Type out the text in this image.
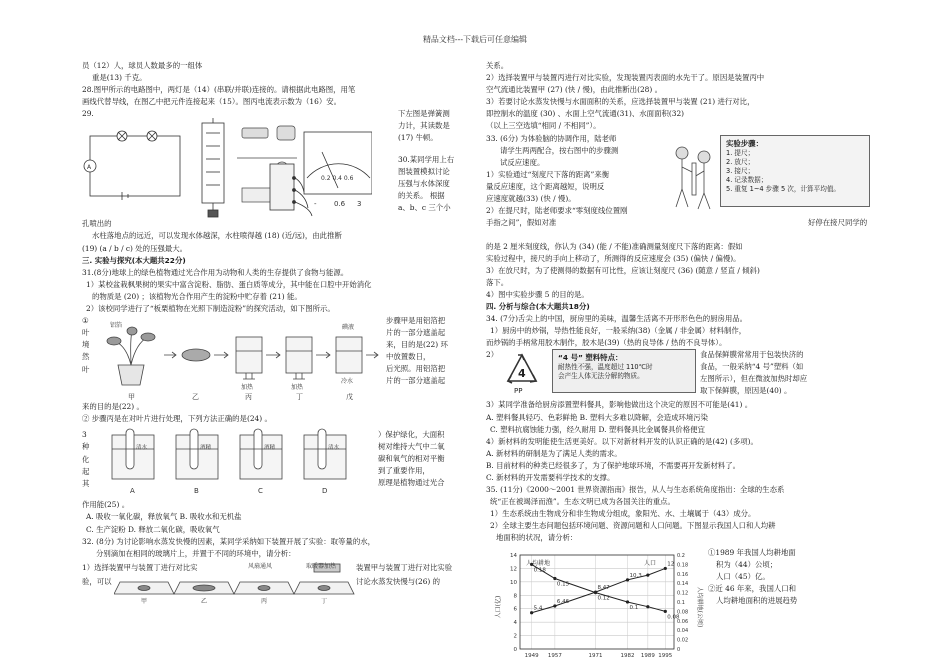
精品文档---下载后可任意编辑
员（12）人，球员人数最多的一组体
重是(13) 千克。
28.图甲所示的电路图中，两灯是（14）(串联/并联)连接的。请根据此电路图，用笔
画线代替导线，在图乙中把元件连接起来（15）。图丙电流表示数为（16）安。
29.
A
0.2 0.4 0.6
- 0.6 3
下左图是弹簧测
力计，其读数是
(17) 牛顿。
30.某同学用上右
图装置模拟讨论
压强与水体深度
的关系。 根据
a、b、c 三个小
孔喷出的
水柱落地点的远近，可以发现水体越深，水柱喷得越 (18) (近/远)，由此推断
(19) (a / b / c) 处的压强最大。
三. 实验与探究(本大题共22分)
31.(8分)地球上的绿色植物通过光合作用为动物和人类的生存提供了食物与能源。
1）某校盆栽枫果树的果实中富含淀粉、脂肪、蛋白质等成分，其中能在口腔中开始消化
的物质是 (20) ；该植物光合作用产生的淀粉中贮存着 (21) 能。
2）该校同学进行了“板栗植物在光照下制造淀粉”的探究活动，如下图所示。
①
叶
境
然
叶
铝箔	碘液
加热	加热
冷水
甲	乙	丙	丁	戊
步骤甲是用铝箔把
片的一部分遮盖起
来，目的是(22) 环
中放置数日，
后光照。用铝箔把
片的一部分遮盖起
来的目的是(22) 。
② 步骤丙是在对叶片进行处理，下列方法正确的是(24) 。
3
种
化
起
其
清水	酒精	酒精	清水
A	B	C	D
）保护绿化，大面积
树对维持大气中二氧
碳和氧气的相对平衡
到了重要作用，
原理是植物通过光合
作用能(25) 。
A. 吸收一氧化碳，释放氧气 B. 吸收水和无机盐
C. 生产淀粉 D. 释放二氧化碳，吸收氧气
32. (8分) 为讨论影响水蒸发快慢的因素，某同学采纳如下装置开展了实验：取等量的水，
分别滴加在相同的玻璃片上，并置于不同的环境中，请分析：
1）选择装置甲与装置丁进行对比实
验，可以
风扇通风	取暖器加热
甲	乙	丙	丁
装置甲与装置丁进行对比实验
讨论水蒸发快慢与(26) 的
关系。
2）选择装置甲与装置丙进行对比实验，发现装置丙表面的水先干了。原因是装置丙中
空气流通比装置甲 (27) (快 / 慢)，由此推断出(28) 。
3）若要讨论水蒸发快慢与水面面积的关系，应选择装置甲与装置 (21) 进行对比，
即控制水的温度 (30) 、水面上空气流通(31)、水面面积(32)
（以上三空选填“相同 / 不相同”）。
33. (6分) 为体验脑的协调作用，陆老师
请学生两两配合，按右图中的步骤测
试反应速度。
1）实验通过“刻度尺下落的距离”来衡
量反应速度，这个距离越短，说明反
应速度就越(33) (快 / 慢)。
2）在提尺时，陆老师要求“零刻度线位置刚
手指之间”，假如对准
实验步骤：
1. 提尺；
2. 放尺；
3. 接尺；
4. 记录数据；
5. 重复 1~4 步骤 5 次，计算平均值。
好停在接尺同学的
的是 2 厘米刻度线，你认为 (34) (能 / 不能)准确测量刻度尺下落的距离：假如
实验过程中，接尺的手向上移动了，所测得的反应速度会 (35) (偏快 / 偏慢)。
3）在放尺时，为了使测得的数据有可比性，应该让刻度尺 (36) (随意 / 竖直 / 倾斜)
落下。
4）图中实验步骤 5 的目的是。
四. 分析与综合(本大题共18分)
34. (7分)舌尖上的中国，厨房里的美味，温馨生活离不开形形色色的厨房用品。
1）厨房中的炒锅，导热性能良好，一般采纳(38)（金属 / 非金属）材料制作，
而炒锅的手柄常用胶木制作，胶木是(39)（热的良导体 / 热的不良导体）。
2）
4
PP
“4 号” 塑料特点：
耐热性不强，温度超过 110℃时
会产生人体无法分解的物质。
食品保鲜膜常常用于包装快济的
食品，一般采纳“4 号”塑料（如
左图所示），但在微波加热时却应
取下保鲜膜，原因是(40) 。
3）某同学准备给厨房添置塑料餐具，影响他做出这个决定的原因不可能是(41) 。
A. 塑料餐具轻巧、色彩鲜艳 B. 塑料大多难以降解，会造成环境污染
C. 塑料抗腐蚀能力强，经久耐用 D. 塑料餐具比金属餐具价格便宜
4）新材料的发明能使生活更美好。以下对新材料开发的认识正确的是(42) (多项)。
A. 新材料的研制是为了满足人类的需求。
B. 目前材料的种类已经很多了，为了保护地球环境，不需要再开发新材料了。
C. 新材料的开发需要科学技术的支撑。
35. (11分)《2000～2001 世界资源指南》报告，从人与生态系统角度指出：全球的生态系
统“正在被竭泽而渔”。生态文明已成为各国关注的重点。
1）生态系统由生物成分和非生物成分组成，象阳光、水、土壤属于（43）成分。
2）全球主要生态问题包括环境问题、资源问题和人口问题。下图显示我国人口和人均耕
地面积的状况，请分析：
0
2
4
6
8
10
12
14
1949 1957	1971	1982 1989 1995
0
0.02
0.04
0.06
0.08
0.1
0.12
0.14
0.16
0.18
0.2
人口(亿)	人均耕地(公顷)
5.4
0.18
6.46
0.15
8.47
0.12
10.3
0.1
12
0.08
人均耕地	人口
①1989 年我国人均耕地面
积为（44）公顷；
人口（45）亿。
②近 46 年来，我国人口和
人均耕地面积的进展趋势
